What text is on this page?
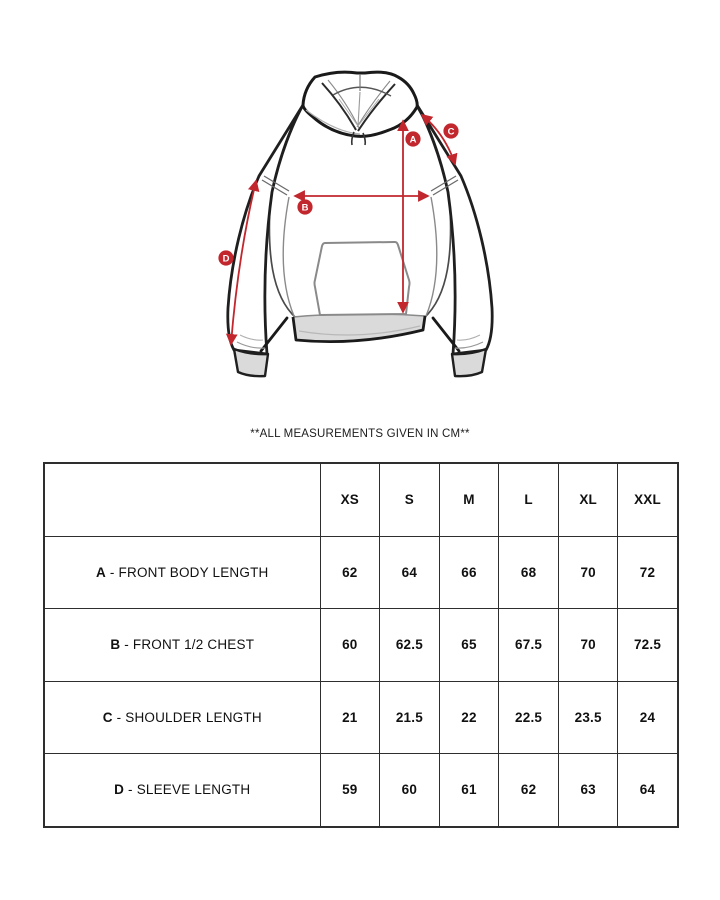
A
B
C
D
**ALL MEASUREMENTS GIVEN IN CM**
	XS	S	M	L	XL	XXL
A - FRONT BODY LENGTH	62	64	66	68	70	72
B - FRONT 1/2 CHEST	60	62.5	65	67.5	70	72.5
C - SHOULDER LENGTH	21	21.5	22	22.5	23.5	24
D - SLEEVE LENGTH	59	60	61	62	63	64
